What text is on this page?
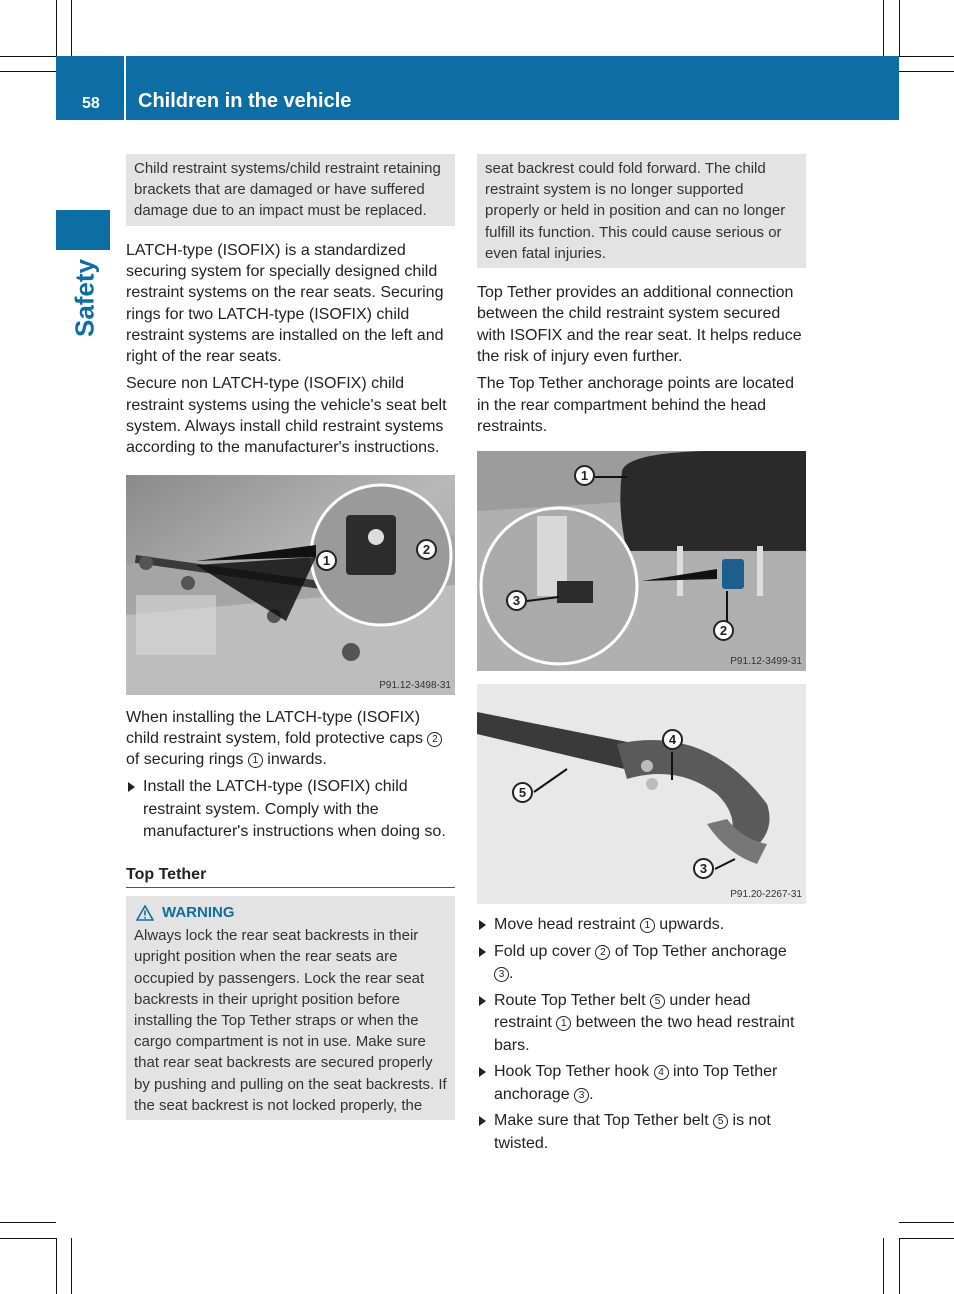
58 Children in the vehicle
Safety
Child restraint systems/child restraint retaining brackets that are damaged or have suffered damage due to an impact must be replaced.

LATCH-type (ISOFIX) is a standardized securing system for specially designed child restraint systems on the rear seats. Securing rings for two LATCH-type (ISOFIX) child restraint systems are installed on the left and right of the rear seats.

Secure non LATCH-type (ISOFIX) child restraint systems using the vehicle's seat belt system. Always install child restraint systems according to the manufacturer's instructions.

1
2
P91.12-3498-31

When installing the LATCH-type (ISOFIX) child restraint system, fold protective caps 2 of securing rings 1 inwards.

Install the LATCH-type (ISOFIX) child restraint system. Comply with the manufacturer's instructions when doing so.
Top Tether
WARNING
Always lock the rear seat backrests in their upright position when the rear seats are occupied by passengers. Lock the rear seat backrests in their upright position before installing the Top Tether straps or when the cargo compartment is not in use. Make sure that rear seat backrests are secured properly by pushing and pulling on the seat backrests. If the seat backrest is not locked properly, the
seat backrest could fold forward. The child restraint system is no longer supported properly or held in position and can no longer fulfill its function. This could cause serious or even fatal injuries.

Top Tether provides an additional connection between the child restraint system secured with ISOFIX and the rear seat. It helps reduce the risk of injury even further.

The Top Tether anchorage points are located in the rear compartment behind the head restraints.

1
3
2
P91.12-3499-31
4
5
3
P91.20-2267-31
Move head restraint 1 upwards.
Fold up cover 2 of Top Tether anchorage 3 .
Route Top Tether belt 5 under head restraint 1 between the two head restraint bars.
Hook Top Tether hook 4 into Top Tether anchorage 3 .
Make sure that Top Tether belt 5 is not twisted.
